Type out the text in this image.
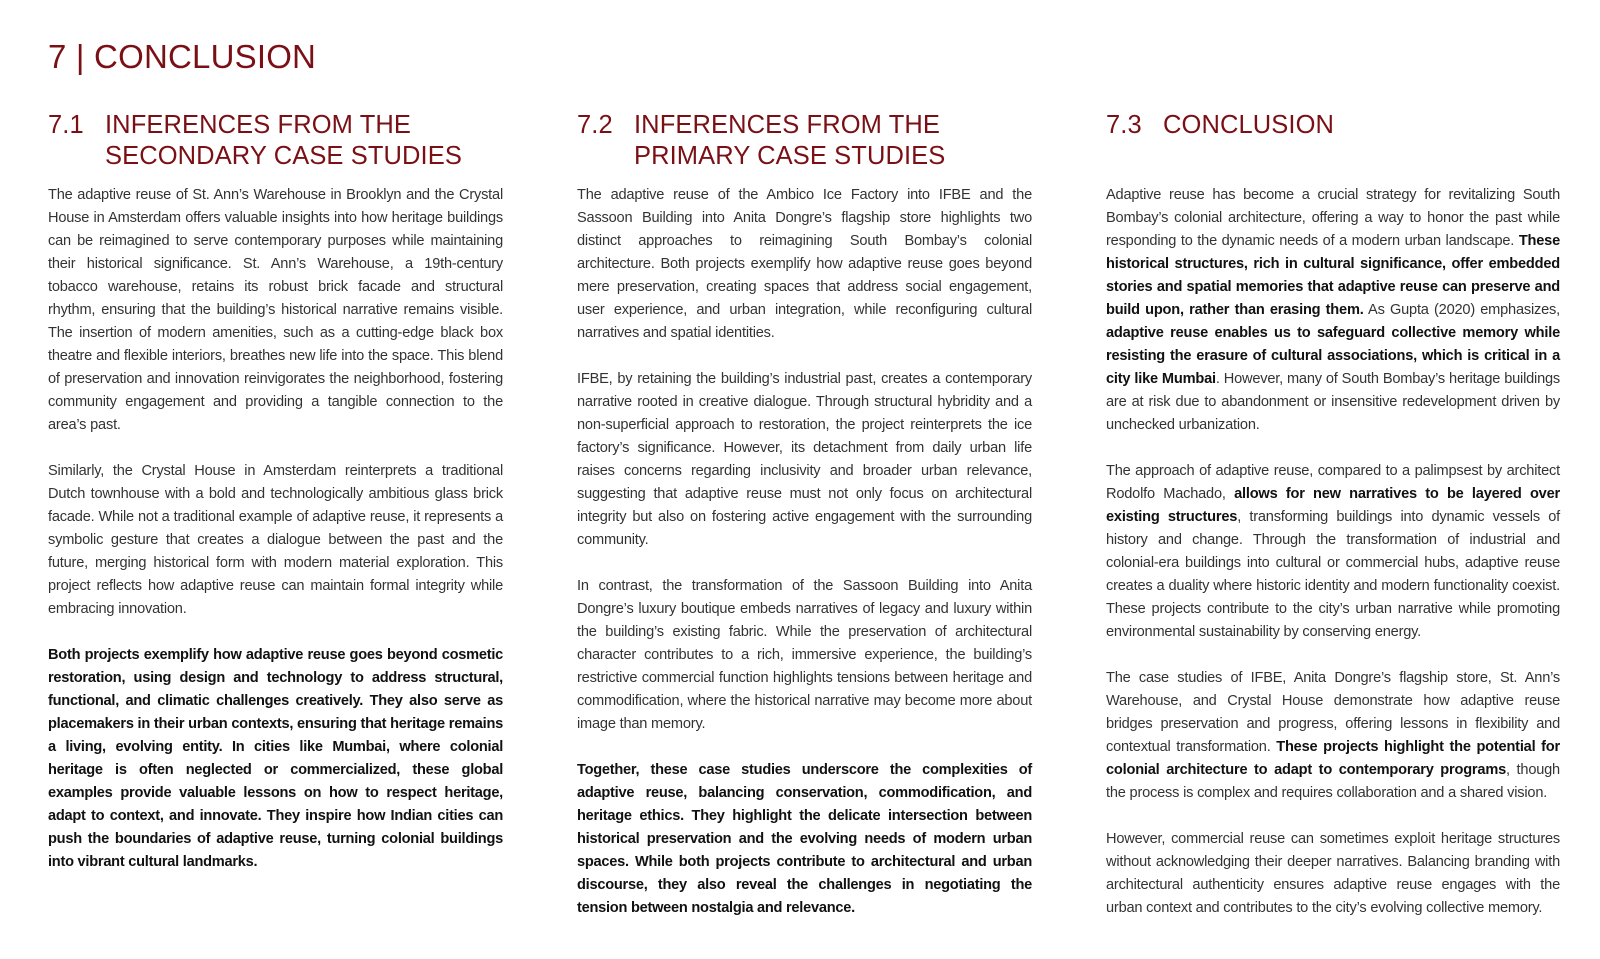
7 | CONCLUSION
7.1 INFERENCES FROM THE
SECONDARY CASE STUDIES

The adaptive reuse of St. Ann’s Warehouse in Brooklyn and the Crystal House in Amsterdam offers valuable insights into how heritage buildings can be reimagined to serve contemporary purposes while maintaining their historical significance. St. Ann’s Warehouse, a 19th-century tobacco warehouse, retains its robust brick facade and structural rhythm, ensuring that the building’s historical narrative remains visible. The insertion of modern amenities, such as a cutting-edge black box theatre and flexible interiors, breathes new life into the space. This blend of preservation and innovation reinvigorates the neighborhood, fostering community engagement and providing a tangible connection to the area’s past.

Similarly, the Crystal House in Amsterdam reinterprets a traditional Dutch townhouse with a bold and technologically ambitious glass brick facade. While not a traditional example of adaptive reuse, it represents a symbolic gesture that creates a dialogue between the past and the future, merging historical form with modern material exploration. This project reflects how adaptive reuse can maintain formal integrity while embracing innovation.

Both projects exemplify how adaptive reuse goes beyond cosmetic restoration, using design and technology to address structural, functional, and climatic challenges creatively. They also serve as placemakers in their urban contexts, ensuring that heritage remains a living, evolving entity. In cities like Mumbai, where colonial heritage is often neglected or commercialized, these global examples provide valuable lessons on how to respect heritage, adapt to context, and innovate. They inspire how Indian cities can push the boundaries of adaptive reuse, turning colonial buildings into vibrant cultural landmarks.

7.2 INFERENCES FROM THE
PRIMARY CASE STUDIES

The adaptive reuse of the Ambico Ice Factory into IFBE and the Sassoon Building into Anita Dongre’s flagship store highlights two distinct approaches to reimagining South Bombay’s colonial architecture. Both projects exemplify how adaptive reuse goes beyond mere preservation, creating spaces that address social engagement, user experience, and urban integration, while reconfiguring cultural narratives and spatial identities.

IFBE, by retaining the building’s industrial past, creates a contemporary narrative rooted in creative dialogue. Through structural hybridity and a non-superficial approach to restoration, the project reinterprets the ice factory’s significance. However, its detachment from daily urban life raises concerns regarding inclusivity and broader urban relevance, suggesting that adaptive reuse must not only focus on architectural integrity but also on fostering active engagement with the surrounding community.

In contrast, the transformation of the Sassoon Building into Anita Dongre’s luxury boutique embeds narratives of legacy and luxury within the building’s existing fabric. While the preservation of architectural character contributes to a rich, immersive experience, the building’s restrictive commercial function highlights tensions between heritage and commodification, where the historical narrative may become more about image than memory.

Together, these case studies underscore the complexities of adaptive reuse, balancing conservation, commodification, and heritage ethics. They highlight the delicate intersection between historical preservation and the evolving needs of modern urban spaces. While both projects contribute to architectural and urban discourse, they also reveal the challenges in negotiating the tension between nostalgia and relevance.

7.3 CONCLUSION

Adaptive reuse has become a crucial strategy for revitalizing South Bombay’s colonial architecture, offering a way to honor the past while responding to the dynamic needs of a modern urban landscape. These historical structures, rich in cultural significance, offer embedded stories and spatial memories that adaptive reuse can preserve and build upon, rather than erasing them. As Gupta (2020) emphasizes, adaptive reuse enables us to safeguard collective memory while resisting the erasure of cultural associations, which is critical in a city like Mumbai. However, many of South Bombay’s heritage buildings are at risk due to abandonment or insensitive redevelopment driven by unchecked urbanization.

The approach of adaptive reuse, compared to a palimpsest by architect Rodolfo Machado, allows for new narratives to be layered over existing structures, transforming buildings into dynamic vessels of history and change. Through the transformation of industrial and colonial-era buildings into cultural or commercial hubs, adaptive reuse creates a duality where historic identity and modern functionality coexist. These projects contribute to the city’s urban narrative while promoting environmental sustainability by conserving energy.

The case studies of IFBE, Anita Dongre’s flagship store, St. Ann’s Warehouse, and Crystal House demonstrate how adaptive reuse bridges preservation and progress, offering lessons in flexibility and contextual transformation. These projects highlight the potential for colonial architecture to adapt to contemporary programs, though the process is complex and requires collaboration and a shared vision.

However, commercial reuse can sometimes exploit heritage structures without acknowledging their deeper narratives. Balancing branding with architectural authenticity ensures adaptive reuse engages with the urban context and contributes to the city’s evolving collective memory.
